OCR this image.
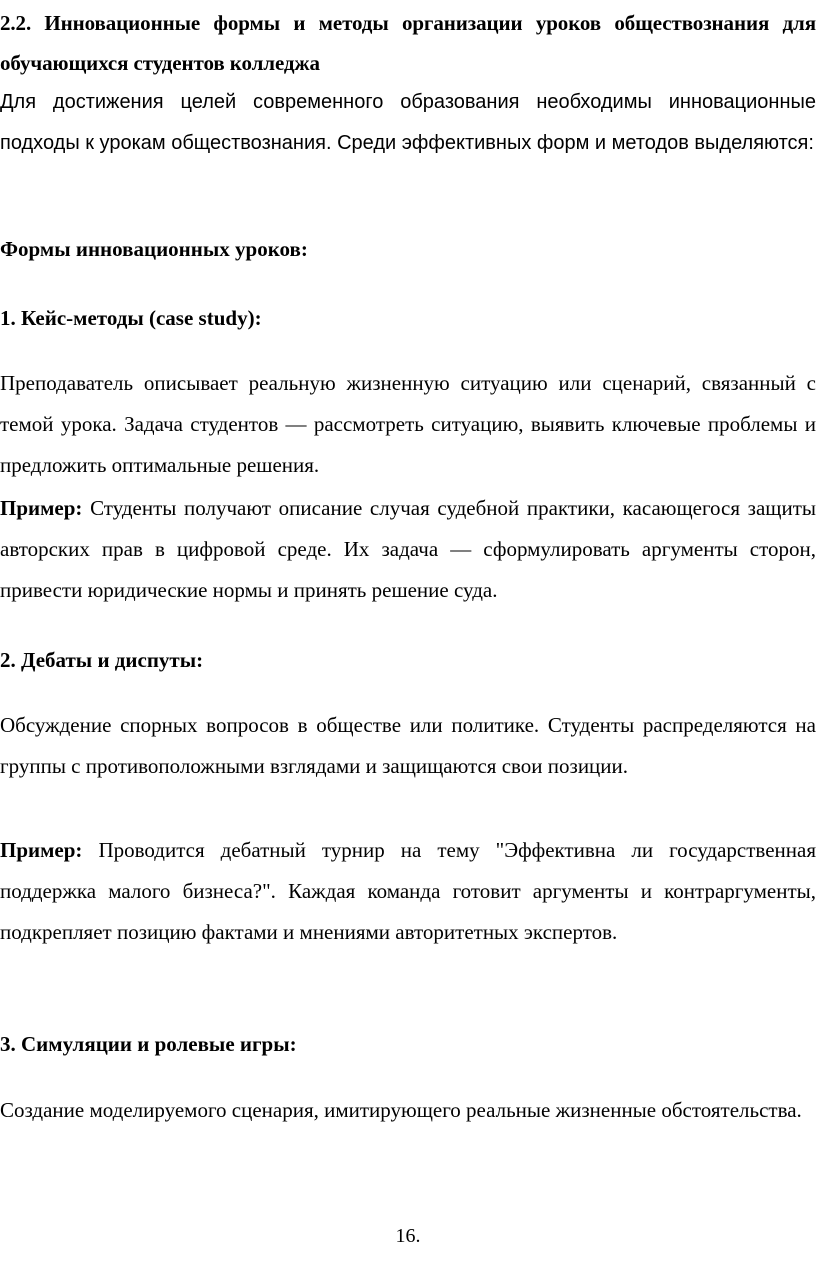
2.2. Инновационные формы и методы организации уроков обществознания для обучающихся студентов колледжа

Для достижения целей современного образования необходимы инновационные подходы к урокам обществознания. Среди эффективных форм и методов выделяются:

Формы инновационных уроков:

1. Кейс-методы (case study):

Преподаватель описывает реальную жизненную ситуацию или сценарий, связанный с темой урока. Задача студентов — рассмотреть ситуацию, выявить ключевые проблемы и предложить оптимальные решения.

Пример: Студенты получают описание случая судебной практики, касающегося защиты авторских прав в цифровой среде. Их задача — сформулировать аргументы сторон, привести юридические нормы и принять решение суда.

2. Дебаты и диспуты:

Обсуждение спорных вопросов в обществе или политике. Студенты распределяются на группы с противоположными взглядами и защищаются свои позиции.

Пример: Проводится дебатный турнир на тему "Эффективна ли государственная поддержка малого бизнеса?". Каждая команда готовит аргументы и контраргументы, подкрепляет позицию фактами и мнениями авторитетных экспертов.

3. Симуляции и ролевые игры:

Создание моделируемого сценария, имитирующего реальные жизненные обстоятельства.

16.
